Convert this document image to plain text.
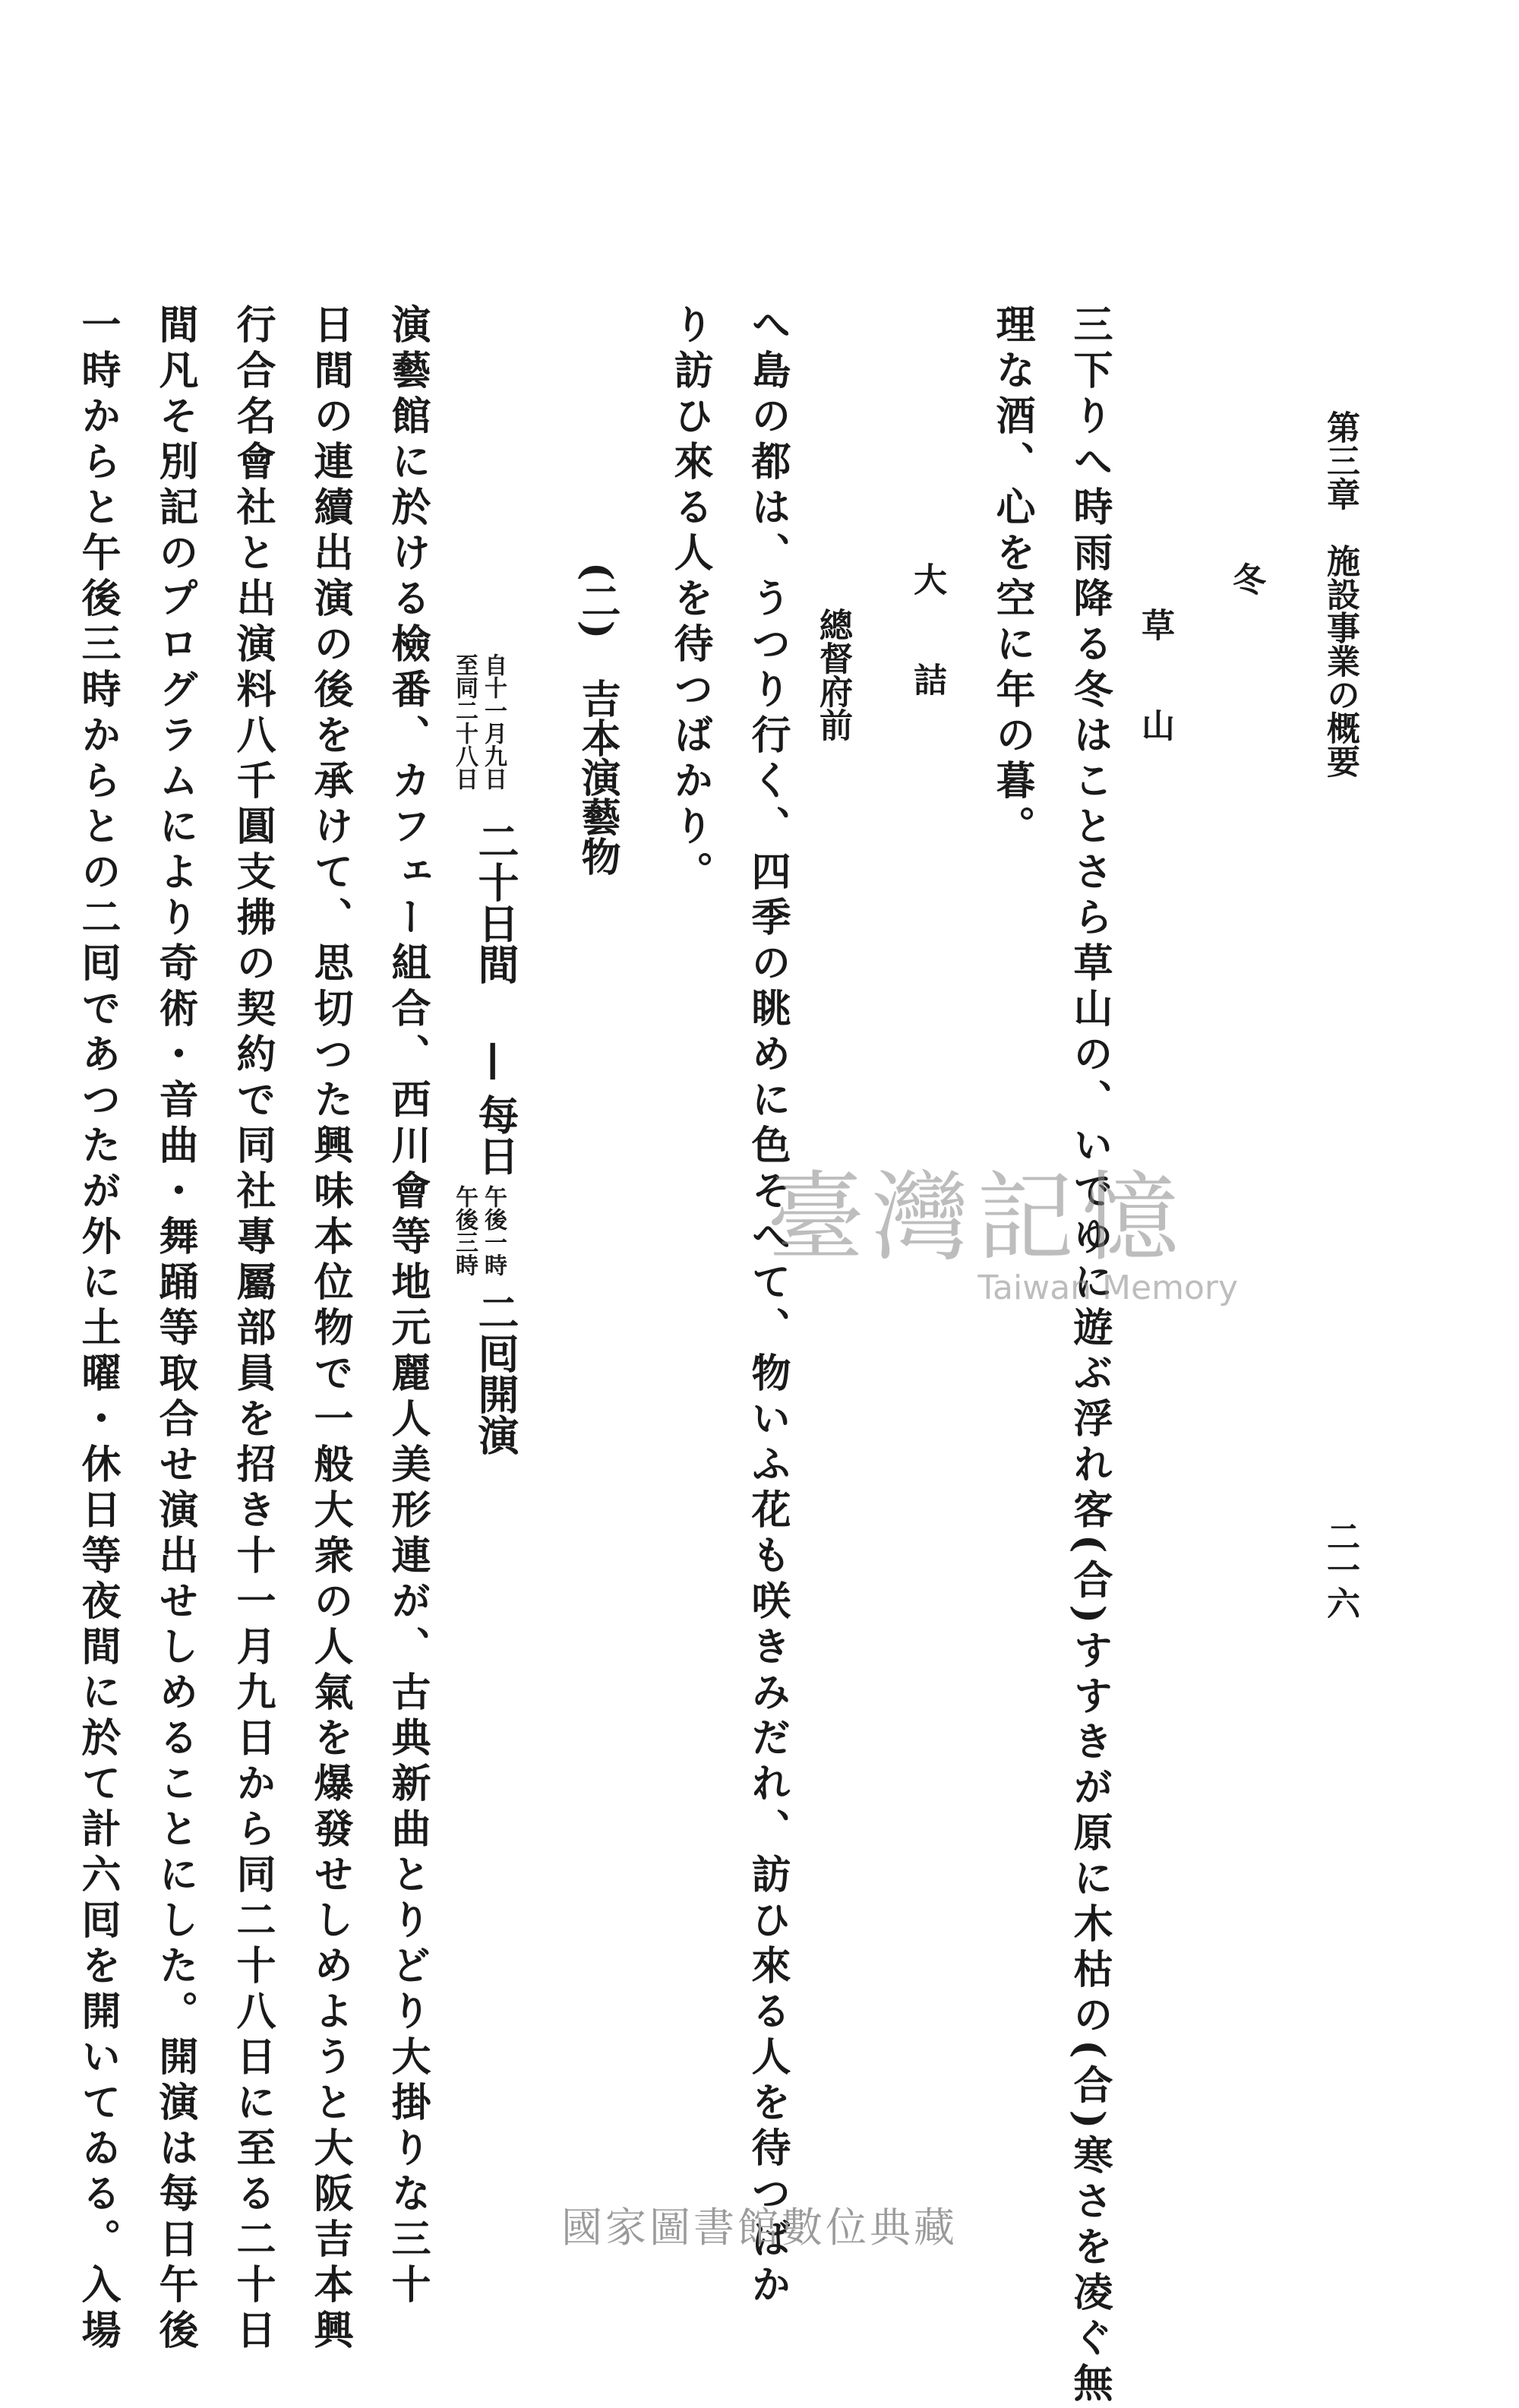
第三章　施設事業の概要
二一六
冬
草　　山
三下りへ時雨降る冬はことさら草山の、いでゆに遊ぶ浮れ客(合)すすきが原に木枯の(合)寒さを凌ぐ無
理な酒、心を空に年の暮。
大　　詰
總督府前
へ島の都は、うつり行く、四季の眺めに色そへて、物いふ花も咲きみだれ、訪ひ來る人を待つばか
り訪ひ來る人を待つばかり。
(二)　吉本演藝物
至同二十八日 自十一月九日
二十日間
—
每日
午後三時 午後一時
二囘開演
演藝館に於ける檢番、カフェー組合、西川會等地元麗人美形連が、古典新曲とりどり大掛りな三十
日間の連續出演の後を承けて、思切つた興味本位物で一般大衆の人氣を爆發せしめようと大阪吉本興
行合名會社と出演料八千圓支拂の契約で同社專屬部員を招き十一月九日から同二十八日に至る二十日
間凡そ別記のプログラムにより奇術・音曲・舞踊等取合せ演出せしめることにした。開演は每日午後
一時からと午後三時からとの二囘であつたが外に土曜・休日等夜間に於て計六囘を開いてゐる。入場	臺灣記憶
Taiwan Memory
國家圖書館數位典藏
